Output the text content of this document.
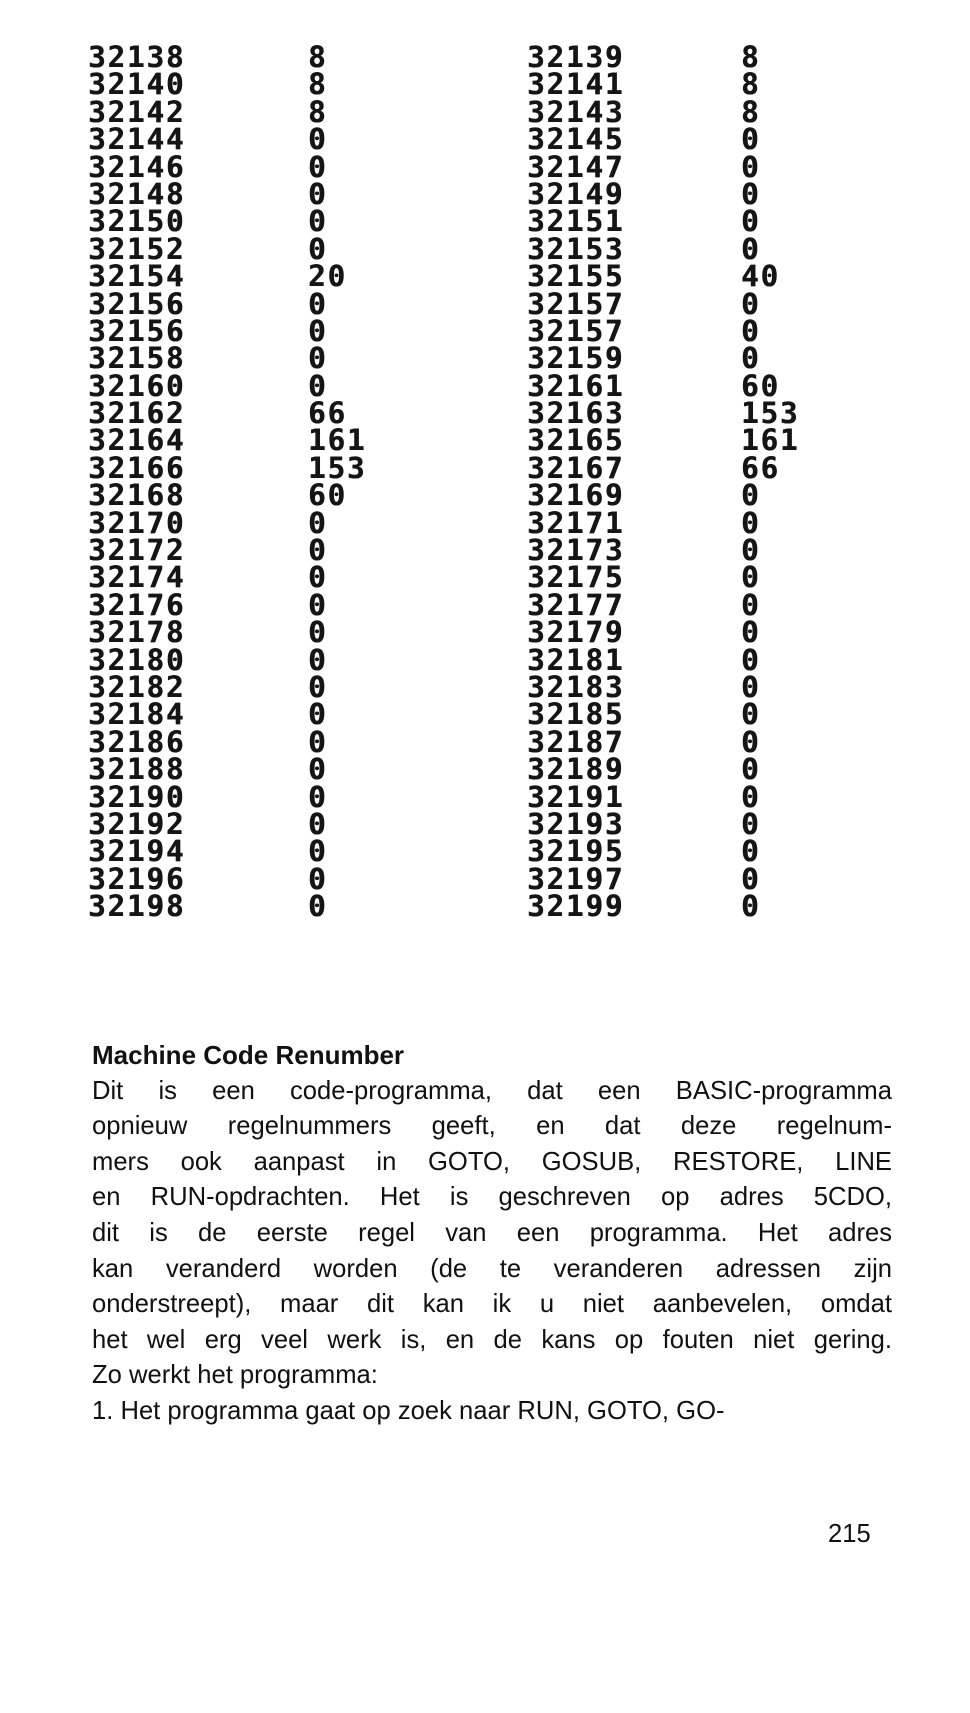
32138
32140
32142
32144
32146
32148
32150
32152
32154
32156
32156
32158
32160
32162
32164
32166
32168
32170
32172
32174
32176
32178
32180
32182
32184
32186
32188
32190
32192
32194
32196
32198
8
8
8
0
0
0
0
0
20
0
0
0
0
66
161
153
60
0
0
0
0
0
0
0
0
0
0
0
0
0
0
0
32139
32141
32143
32145
32147
32149
32151
32153
32155
32157
32157
32159
32161
32163
32165
32167
32169
32171
32173
32175
32177
32179
32181
32183
32185
32187
32189
32191
32193
32195
32197
32199
8
8
8
0
0
0
0
0
40
0
0
0
60
153
161
66
0
0
0
0
0
0
0
0
0
0
0
0
0
0
0
0
Machine Code Renumber

Dit is een code-programma, dat een BASIC-programma
opnieuw regelnummers geeft, en dat deze regelnum-
mers ook aanpast in GOTO, GOSUB, RESTORE, LINE
en RUN-opdrachten. Het is geschreven op adres 5CDO,
dit is de eerste regel van een programma. Het adres
kan veranderd worden (de te veranderen adressen zijn
onderstreept), maar dit kan ik u niet aanbevelen, omdat
het wel erg veel werk is, en de kans op fouten niet gering.
Zo werkt het programma:

1. Het programma gaat op zoek naar RUN, GOTO, GO-

215
